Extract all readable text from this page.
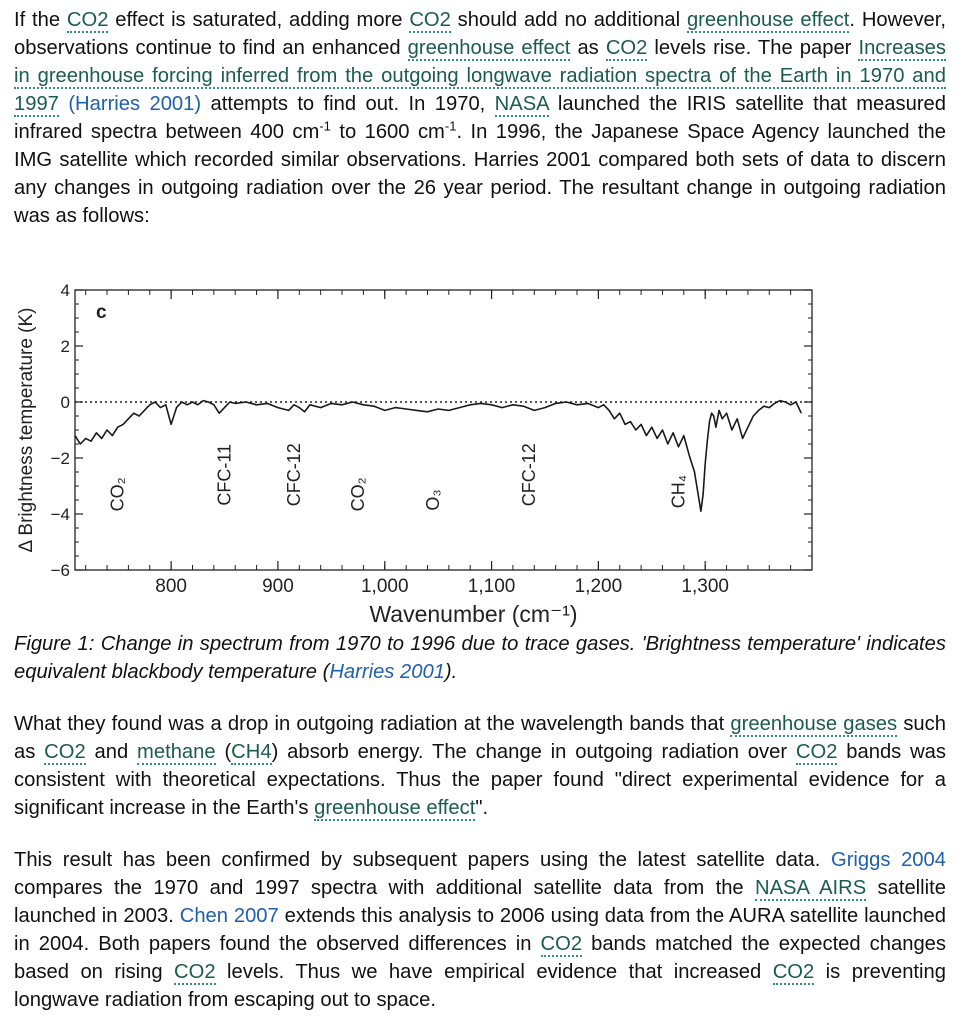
If the CO2 effect is saturated, adding more CO2 should add no additional greenhouse effect. However, observations continue to find an enhanced greenhouse effect as CO2 levels rise. The paper Increases in greenhouse forcing inferred from the outgoing longwave radiation spectra of the Earth in 1970 and 1997 (Harries 2001) attempts to find out. In 1970, NASA launched the IRIS satellite that measured infrared spectra between 400 $cm^{-1}$ to 1600 $cm^{-1}$. In 1996, the Japanese Space Agency launched the IMG satellite which recorded similar observations. Harries 2001 compared both sets of data to discern any changes in outgoing radiation over the 26 year period. The resultant change in outgoing radiation was as follows:

800	900	1,000	1,100	1,200	1,300
4
2
0
−2
−4
−6
Wavenumber (cm⁻¹)
Δ Brightness temperature (K)	c
CO₂	CFC-11	CFC-12 CO₂	O₃	CFC-12	CH₄

Figure 1: Change in spectrum from 1970 to 1996 due to trace gases. 'Brightness temperature' indicates equivalent blackbody temperature (Harries 2001).

What they found was a drop in outgoing radiation at the wavelength bands that greenhouse gases such as CO2 and methane (CH4) absorb energy. The change in outgoing radiation over CO2 bands was consistent with theoretical expectations. Thus the paper found "direct experimental evidence for a significant increase in the Earth's greenhouse effect".

This result has been confirmed by subsequent papers using the latest satellite data. Griggs 2004 compares the 1970 and 1997 spectra with additional satellite data from the NASA AIRS satellite launched in 2003. Chen 2007 extends this analysis to 2006 using data from the AURA satellite launched in 2004. Both papers found the observed differences in CO2 bands matched the expected changes based on rising CO2 levels. Thus we have empirical evidence that increased CO2 is preventing longwave radiation from escaping out to space.
